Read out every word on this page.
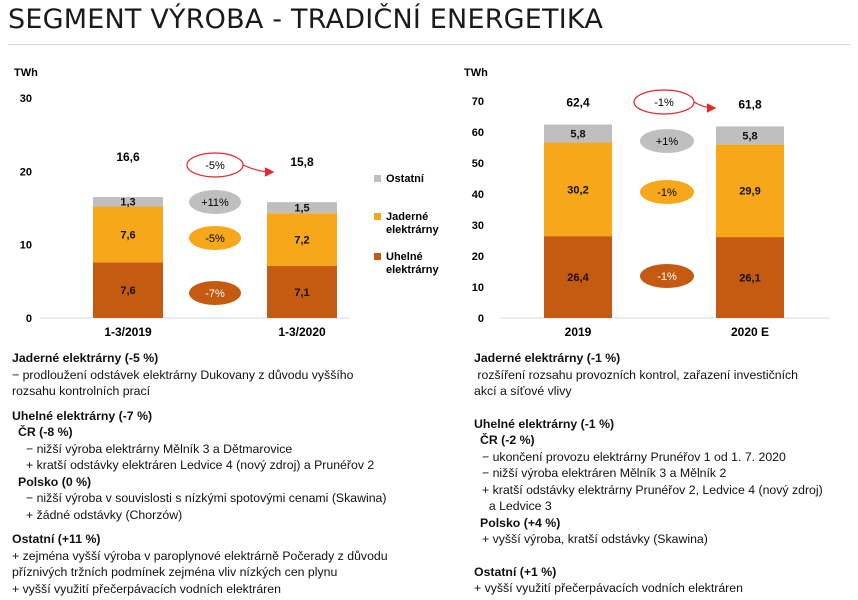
SEGMENT VÝROBA - TRADIČNÍ ENERGETIKA
TWh
0
10
20
30
7,6
7,6
1,3
16,6
1-3/2019
7,1
7,2
1,5
15,8
1-3/2020
-5%
+11%
-5%
-7%
Ostatní
Jaderné
elektrárny
Uhelné
elektrárny
TWh
0
10
20
30
40
50
60
70
26,4
30,2
5,8
62,4
2019
26,1
29,9
5,8
61,8
2020 E
-1%
+1%
-1%
-1%
Jaderné elektrárny (-5 %)
− prodloužení odstávek elektrárny Dukovany z důvodu vyššího
rozsahu kontrolních prací
Uhelné elektrárny (-7 %)
ČR (-8 %)
− nižší výroba elektrárny Mělník 3 a Dětmarovice
+ kratší odstávky elektráren Ledvice 4 (nový zdroj) a Prunéřov 2
Polsko (0 %)
− nižší výroba v souvislosti s nízkými spotovými cenami (Skawina)
+ žádné odstávky (Chorzów)
Ostatní (+11 %)
+ zejména vyšší výroba v paroplynové elektrárně Počerady z důvodu
příznivých tržních podmínek zejména vliv nízkých cen plynu
+ vyšší využití přečerpávacích vodních elektráren
Jaderné elektrárny (-1 %)
rozšíření rozsahu provozních kontrol, zařazení investičních
akcí a síťové vlivy
Uhelné elektrárny (-1 %)
ČR (-2 %)
− ukončení provozu elektrárny Prunéřov 1 od 1. 7. 2020
− nižší výroba elektráren Mělník 3 a Mělník 2
+ kratší odstávky elektrárny Prunéřov 2, Ledvice 4 (nový zdroj)
a Ledvice 3
Polsko (+4 %)
+ vyšší výroba, kratší odstávky (Skawina)
Ostatní (+1 %)
+ vyšší využití přečerpávacích vodních elektráren
